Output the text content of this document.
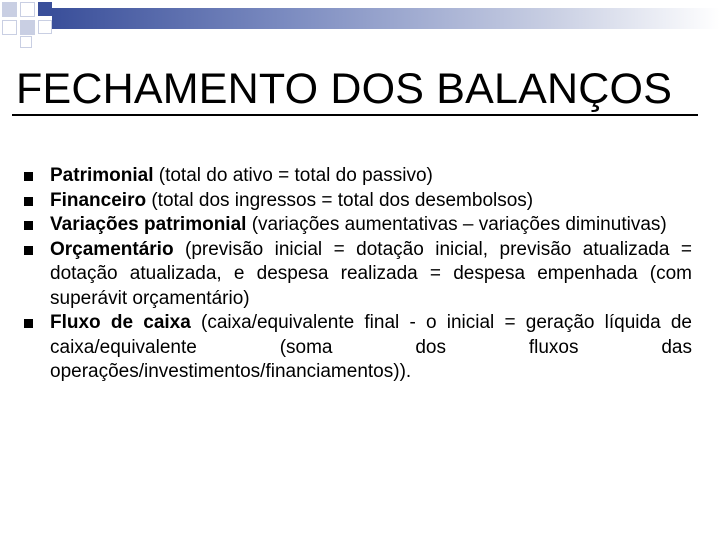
FECHAMENTO DOS BALANÇOS
Patrimonial (total do ativo = total do passivo)
Financeiro (total dos ingressos = total dos desembolsos)
Variações patrimonial (variações aumentativas – variações diminutivas)
Orçamentário (previsão inicial = dotação inicial, previsão atualizada = dotação atualizada, e despesa realizada = despesa empenhada (com superávit orçamentário)
Fluxo de caixa (caixa/equivalente final - o inicial = geração líquida de caixa/equivalente (soma dos fluxos das operações/investimentos/financiamentos)).
